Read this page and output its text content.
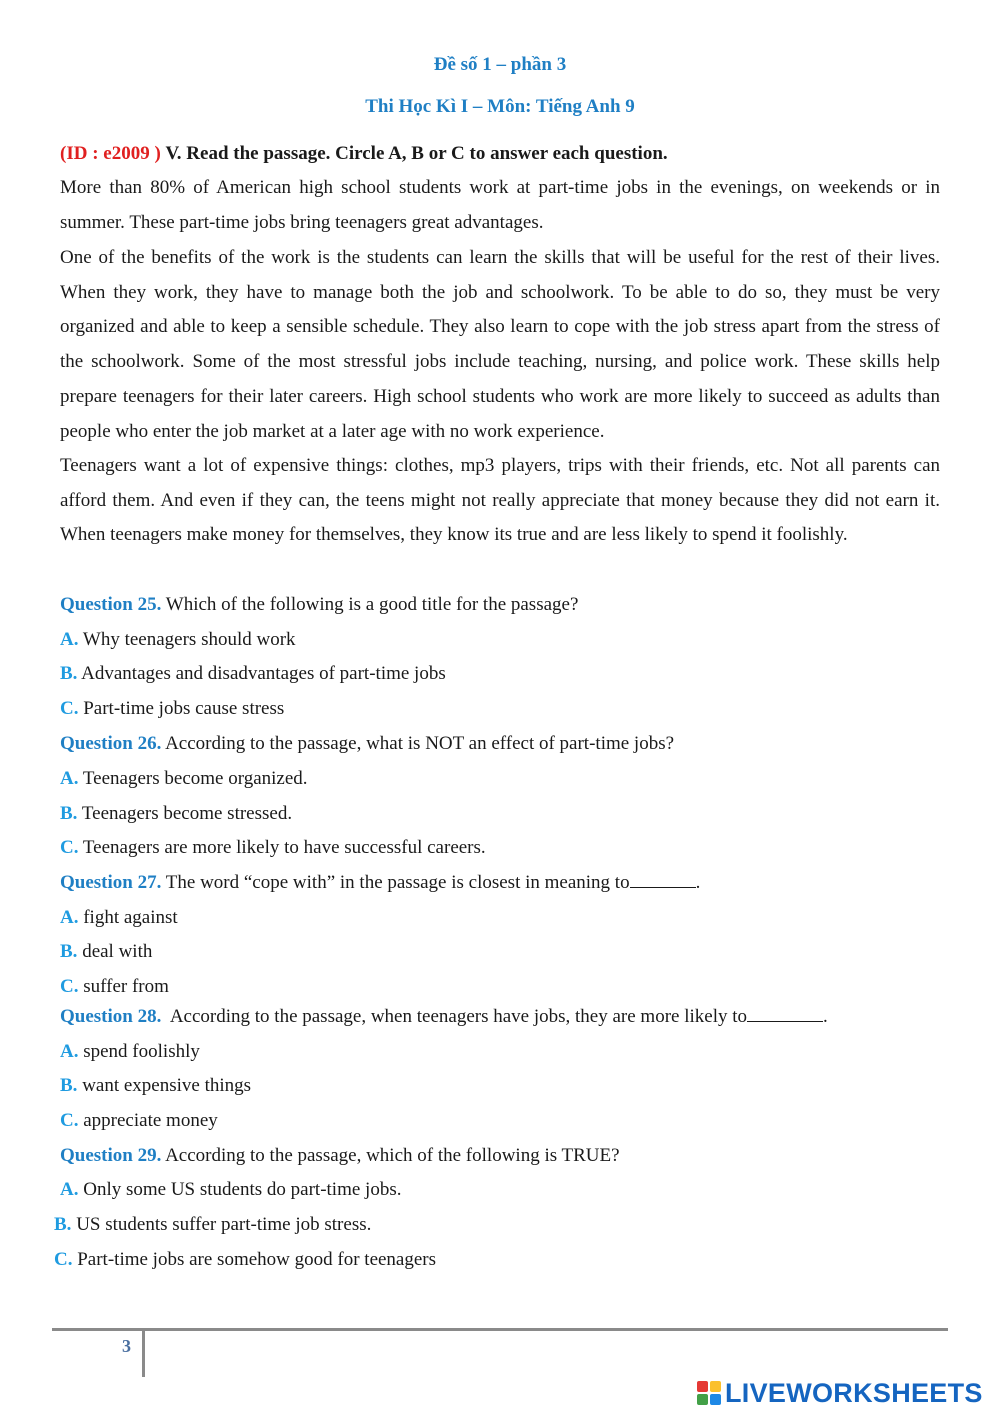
Đề số 1 – phần 3
Thi Học Kì I – Môn: Tiếng Anh 9
(ID : e2009 ) V. Read the passage. Circle A, B or C to answer each question.

More than 80% of American high school students work at part-time jobs in the evenings, on weekends or in summer. These part-time jobs bring teenagers great advantages.

One of the benefits of the work is the students can learn the skills that will be useful for the rest of their lives. When they work, they have to manage both the job and schoolwork. To be able to do so, they must be very organized and able to keep a sensible schedule. They also learn to cope with the job stress apart from the stress of the schoolwork. Some of the most stressful jobs include teaching, nursing, and police work. These skills help prepare teenagers for their later careers. High school students who work are more likely to succeed as adults than people who enter the job market at a later age with no work experience.

Teenagers want a lot of expensive things: clothes, mp3 players, trips with their friends, etc. Not all parents can afford them. And even if they can, the teens might not really appreciate that money because they did not earn it. When teenagers make money for themselves, they know its true and are less likely to spend it foolishly.

Question 25. Which of the following is a good title for the passage?
A. Why teenagers should work
B. Advantages and disadvantages of part-time jobs
C. Part-time jobs cause stress
Question 26. According to the passage, what is NOT an effect of part-time jobs?
A. Teenagers become organized.
B. Teenagers become stressed.
C. Teenagers are more likely to have successful careers.
Question 27. The word “cope with” in the passage is closest in meaning to	.
A. fight against
B. deal with
C. suffer from
Question 28. According to the passage, when teenagers have jobs, they are more likely to	.
A. spend foolishly
B. want expensive things
C. appreciate money
Question 29. According to the passage, which of the following is TRUE?
A. Only some US students do part-time jobs.
B. US students suffer part-time job stress.
C. Part-time jobs are somehow good for teenagers
3
LIVEWORKSHEETS
